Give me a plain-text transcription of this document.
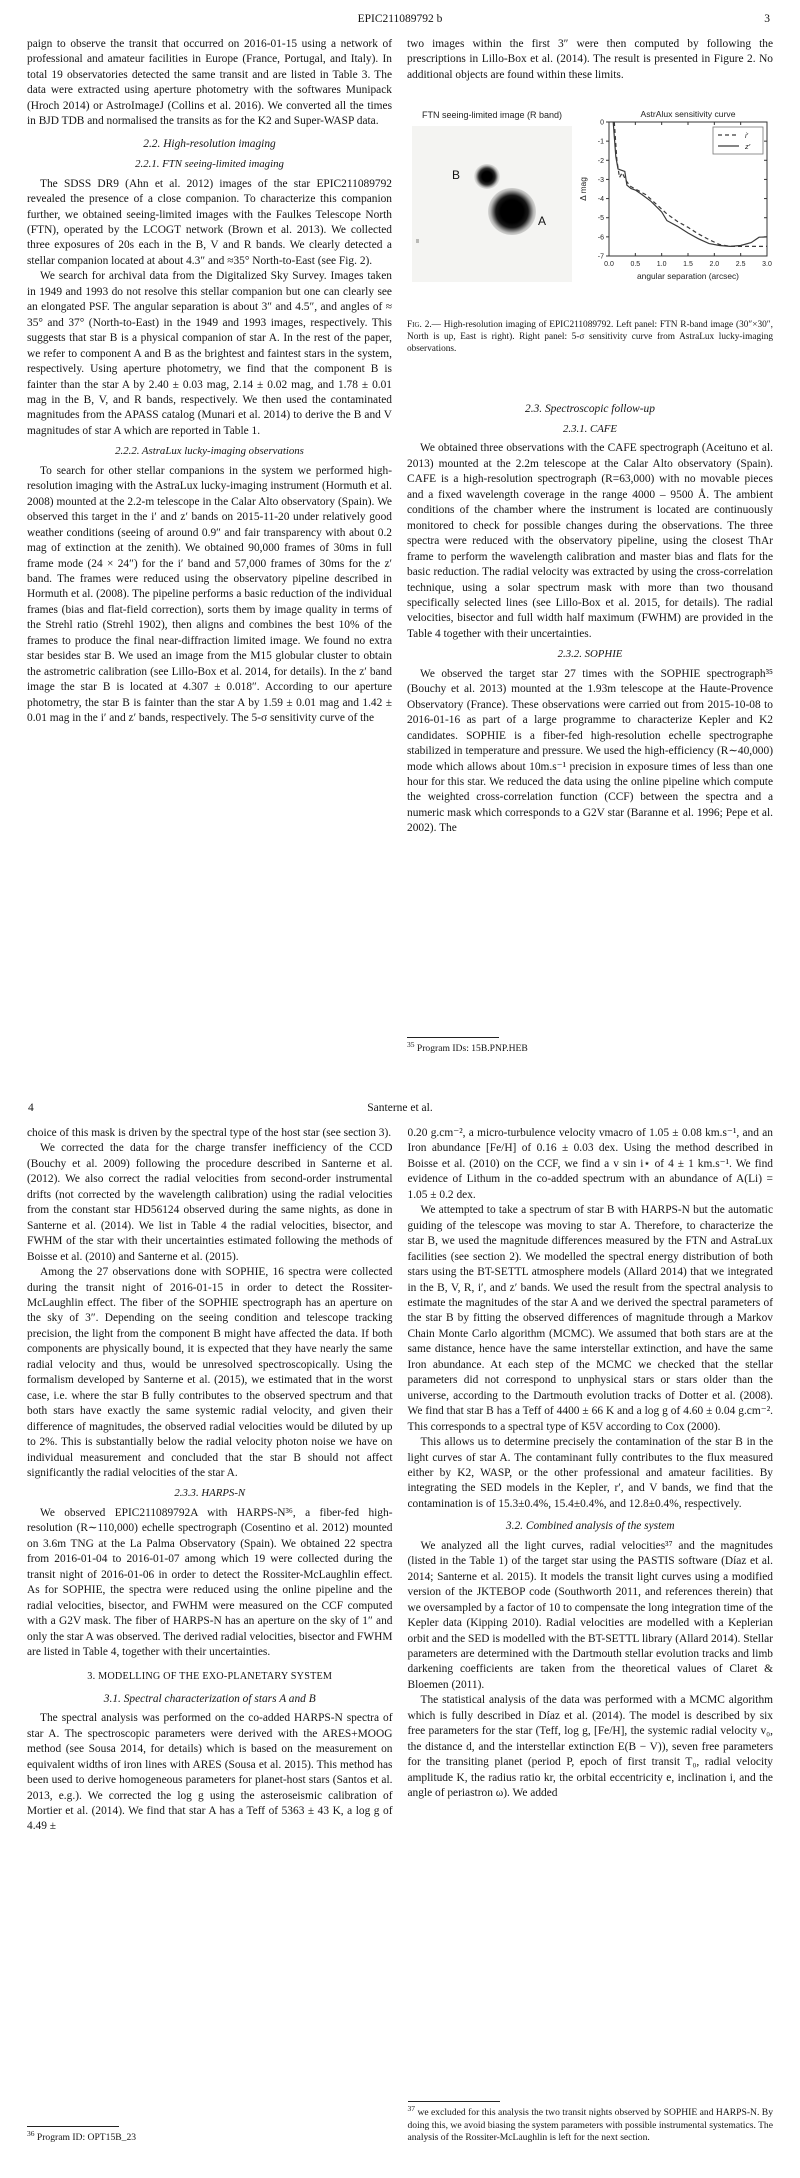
EPIC211089792 b	3

paign to observe the transit that occurred on 2016-01-15 using a network of professional and amateur facilities in Europe (France, Portugal, and Italy). In total 19 observatories detected the same transit and are listed in Table 3. The data were extracted using aperture photometry with the softwares Munipack (Hroch 2014) or AstroImageJ (Collins et al. 2016). We converted all the times in BJD TDB and normalised the transits as for the K2 and Super-WASP data.

2.2. High-resolution imaging
2.2.1. FTN seeing-limited imaging

The SDSS DR9 (Ahn et al. 2012) images of the star EPIC211089792 revealed the presence of a close companion. To characterize this companion further, we obtained seeing-limited images with the Faulkes Telescope North (FTN), operated by the LCOGT network (Brown et al. 2013). We collected three exposures of 20s each in the B, V and R bands. We clearly detected a stellar companion located at about 4.3″ and ≈35° North-to-East (see Fig. 2).

We search for archival data from the Digitalized Sky Survey. Images taken in 1949 and 1993 do not resolve this stellar companion but one can clearly see an elongated PSF. The angular separation is about 3″ and 4.5″, and angles of ≈ 35° and 37° (North-to-East) in the 1949 and 1993 images, respectively. This suggests that star B is a physical companion of star A. In the rest of the paper, we refer to component A and B as the brightest and faintest stars in the system, respectively. Using aperture photometry, we find that the component B is fainter than the star A by 2.40 ± 0.03 mag, 2.14 ± 0.02 mag, and 1.78 ± 0.01 mag in the B, V, and R bands, respectively. We then used the contaminated magnitudes from the APASS catalog (Munari et al. 2014) to derive the B and V magnitudes of star A which are reported in Table 1.

2.2.2. AstraLux lucky-imaging observations

To search for other stellar companions in the system we performed high-resolution imaging with the AstraLux lucky-imaging instrument (Hormuth et al. 2008) mounted at the 2.2-m telescope in the Calar Alto observatory (Spain). We observed this target in the i′ and z′ bands on 2015-11-20 under relatively good weather conditions (seeing of around 0.9″ and fair transparency with about 0.2 mag of extinction at the zenith). We obtained 90,000 frames of 30ms in full frame mode (24 × 24″) for the i′ band and 57,000 frames of 30ms for the z′ band. The frames were reduced using the observatory pipeline described in Hormuth et al. (2008). The pipeline performs a basic reduction of the individual frames (bias and flat-field correction), sorts them by image quality in terms of the Strehl ratio (Strehl 1902), then aligns and combines the best 10% of the frames to produce the final near-diffraction limited image. We found no extra star besides star B. We used an image from the M15 globular cluster to obtain the astrometric calibration (see Lillo-Box et al. 2014, for details). In the z′ band image the star B is located at 4.307 ± 0.018″. According to our aperture photometry, the star B is fainter than the star A by 1.59 ± 0.01 mag and 1.42 ± 0.01 mag in the i′ and z′ bands, respectively. The 5-σ sensitivity curve of the

two images within the first 3″ were then computed by following the prescriptions in Lillo-Box et al. (2014). The result is presented in Figure 2. No additional objects are found within these limits.

FTN seeing-limited image (R band)
B
A
AstrAlux sensitivity curve
0
-1
-2
-3
-4
-5
-6
-7
0.0 0.5 1.0 1.5 2.0 2.5 3.0
angular separation (arcsec)
Δ mag
i′
z′
Fig. 2.— High-resolution imaging of EPIC211089792. Left panel: FTN R-band image (30″×30″, North is up, East is right). Right panel: 5-σ sensitivity curve from AstraLux lucky-imaging observations.
2.3. Spectroscopic follow-up
2.3.1. CAFE

We obtained three observations with the CAFE spectrograph (Aceituno et al. 2013) mounted at the 2.2m telescope at the Calar Alto observatory (Spain). CAFE is a high-resolution spectrograph (R=63,000) with no movable pieces and a fixed wavelength coverage in the range 4000 – 9500 Å. The ambient conditions of the chamber where the instrument is located are continuously monitored to check for possible changes during the observations. The three spectra were reduced with the observatory pipeline, using the closest ThAr frame to perform the wavelength calibration and master bias and flats for the basic reduction. The radial velocity was extracted by using the cross-correlation technique, using a solar spectrum mask with more than two thousand specifically selected lines (see Lillo-Box et al. 2015, for details). The radial velocities, bisector and full width half maximum (FWHM) are provided in the Table 4 together with their uncertainties.

2.3.2. SOPHIE

We observed the target star 27 times with the SOPHIE spectrograph³⁵ (Bouchy et al. 2013) mounted at the 1.93m telescope at the Haute-Provence Observatory (France). These observations were carried out from 2015-10-08 to 2016-01-16 as part of a large programme to characterize Kepler and K2 candidates. SOPHIE is a fiber-fed high-resolution echelle spectrographe stabilized in temperature and pressure. We used the high-efficiency (R∼40,000) mode which allows about 10m.s⁻¹ precision in exposure times of less than one hour for this star. We reduced the data using the online pipeline which compute the weighted cross-correlation function (CCF) between the spectra and a numeric mask which corresponds to a G2V star (Baranne et al. 1996; Pepe et al. 2002). The

$^{35}$ Program IDs: 15B.PNP.HEB
4	Santerne et al.

choice of this mask is driven by the spectral type of the host star (see section 3).

We corrected the data for the charge transfer inefficiency of the CCD (Bouchy et al. 2009) following the procedure described in Santerne et al. (2012). We also correct the radial velocities from second-order instrumental drifts (not corrected by the wavelength calibration) using the radial velocities from the constant star HD56124 observed during the same nights, as done in Santerne et al. (2014). We list in Table 4 the radial velocities, bisector, and FWHM of the star with their uncertainties estimated following the methods of Boisse et al. (2010) and Santerne et al. (2015).

Among the 27 observations done with SOPHIE, 16 spectra were collected during the transit night of 2016-01-15 in order to detect the Rossiter-McLaughlin effect. The fiber of the SOPHIE spectrograph has an aperture on the sky of 3″. Depending on the seeing condition and telescope tracking precision, the light from the component B might have affected the data. If both components are physically bound, it is expected that they have nearly the same radial velocity and thus, would be unresolved spectroscopically. Using the formalism developed by Santerne et al. (2015), we estimated that in the worst case, i.e. where the star B fully contributes to the observed spectrum and that both stars have exactly the same systemic radial velocity, and given their difference of magnitudes, the observed radial velocities would be diluted by up to 2%. This is substantially below the radial velocity photon noise we have on individual measurement and concluded that the star B should not affect significantly the radial velocities of the star A.

2.3.3. HARPS-N

We observed EPIC211089792A with HARPS-N³⁶, a fiber-fed high-resolution (R∼110,000) echelle spectrograph (Cosentino et al. 2012) mounted on 3.6m TNG at the La Palma Observatory (Spain). We obtained 22 spectra from 2016-01-04 to 2016-01-07 among which 19 were collected during the transit night of 2016-01-06 in order to detect the Rossiter-McLaughlin effect. As for SOPHIE, the spectra were reduced using the online pipeline and the radial velocities, bisector, and FWHM were measured on the CCF computed with a G2V mask. The fiber of HARPS-N has an aperture on the sky of 1″ and only the star A was observed. The derived radial velocities, bisector and FWHM are listed in Table 4, together with their uncertainties.

3. MODELLING OF THE EXO-PLANETARY SYSTEM
3.1. Spectral characterization of stars A and B

The spectral analysis was performed on the co-added HARPS-N spectra of star A. The spectroscopic parameters were derived with the ARES+MOOG method (see Sousa 2014, for details) which is based on the measurement on equivalent widths of iron lines with ARES (Sousa et al. 2015). This method has been used to derive homogeneous parameters for planet-host stars (Santos et al. 2013, e.g.). We corrected the log g using the asteroseismic calibration of Mortier et al. (2014). We find that star A has a Teff of 5363 ± 43 K, a log g of 4.49 ±

$^{36}$ Program ID: OPT15B_23

0.20 g.cm⁻², a micro-turbulence velocity vmacro of 1.05 ± 0.08 km.s⁻¹, and an Iron abundance [Fe/H] of 0.16 ± 0.03 dex. Using the method described in Boisse et al. (2010) on the CCF, we find a v sin i⋆ of 4 ± 1 km.s⁻¹. We find evidence of Lithum in the co-added spectrum with an abundance of A(Li) = 1.05 ± 0.2 dex.

We attempted to take a spectrum of star B with HARPS-N but the automatic guiding of the telescope was moving to star A. Therefore, to characterize the star B, we used the magnitude differences measured by the FTN and AstraLux facilities (see section 2). We modelled the spectral energy distribution of both stars using the BT-SETTL atmosphere models (Allard 2014) that we integrated in the B, V, R, i′, and z′ bands. We used the result from the spectral analysis to estimate the magnitudes of the star A and we derived the spectral parameters of the star B by fitting the observed differences of magnitude through a Markov Chain Monte Carlo algorithm (MCMC). We assumed that both stars are at the same distance, hence have the same interstellar extinction, and have the same Iron abundance. At each step of the MCMC we checked that the stellar parameters did not correspond to unphysical stars or stars older than the universe, according to the Dartmouth evolution tracks of Dotter et al. (2008). We find that star B has a Teff of 4400 ± 66 K and a log g of 4.60 ± 0.04 g.cm⁻². This corresponds to a spectral type of K5V according to Cox (2000).

This allows us to determine precisely the contamination of the star B in the light curves of star A. The contaminant fully contributes to the flux measured either by K2, WASP, or the other professional and amateur facilities. By integrating the SED models in the Kepler, r′, and V bands, we find that the contamination is of 15.3±0.4%, 15.4±0.4%, and 12.8±0.4%, respectively.

3.2. Combined analysis of the system

We analyzed all the light curves, radial velocities³⁷ and the magnitudes (listed in the Table 1) of the target star using the PASTIS software (Díaz et al. 2014; Santerne et al. 2015). It models the transit light curves using a modified version of the JKTEBOP code (Southworth 2011, and references therein) that we oversampled by a factor of 10 to compensate the long integration time of the Kepler data (Kipping 2010). Radial velocities are modelled with a Keplerian orbit and the SED is modelled with the BT-SETTL library (Allard 2014). Stellar parameters are determined with the Dartmouth stellar evolution tracks and limb darkening coefficients are taken from the theoretical values of Claret & Bloemen (2011).

The statistical analysis of the data was performed with a MCMC algorithm which is fully described in Díaz et al. (2014). The model is described by six free parameters for the star (Teff, log g, [Fe/H], the systemic radial velocity v₀, the distance d, and the interstellar extinction E(B − V)), seven free parameters for the transiting planet (period P, epoch of first transit T₀, radial velocity amplitude K, the radius ratio kr, the orbital eccentricity e, inclination i, and the angle of periastron ω). We added

$^{37}$ we excluded for this analysis the two transit nights observed by SOPHIE and HARPS-N. By doing this, we avoid biasing the system parameters with possible instrumental systematics. The analysis of the Rossiter-McLaughlin is left for the next section.
